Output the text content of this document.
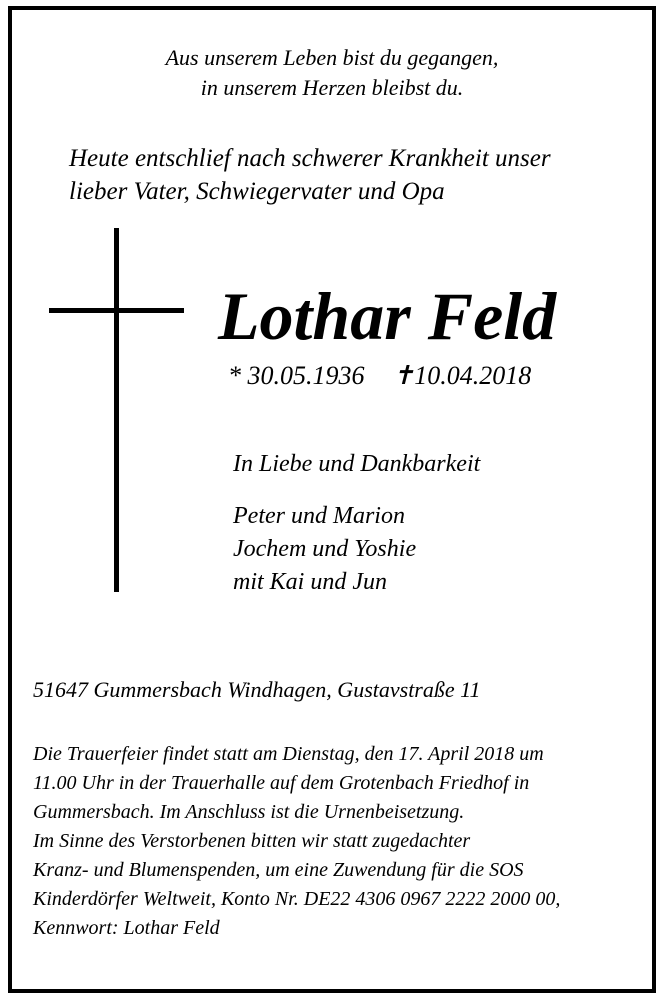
Aus unserem Leben bist du gegangen,

in unserem Herzen bleibst du.

Heute entschlief nach schwerer Krankheit unser

lieber Vater, Schwiegervater und Opa

Lothar Feld

* 30.05.1936 ✝10.04.2018

In Liebe und Dankbarkeit

Peter und Marion

Jochem und Yoshie

mit Kai und Jun

51647 Gummersbach Windhagen, Gustavstraße 11

Die Trauerfeier findet statt am Dienstag, den 17. April 2018 um

11.00 Uhr in der Trauerhalle auf dem Grotenbach Friedhof in

Gummersbach. Im Anschluss ist die Urnenbeisetzung.

Im Sinne des Verstorbenen bitten wir statt zugedachter

Kranz- und Blumenspenden, um eine Zuwendung für die SOS

Kinderdörfer Weltweit, Konto Nr. DE22 4306 0967 2222 2000 00,

Kennwort: Lothar Feld
